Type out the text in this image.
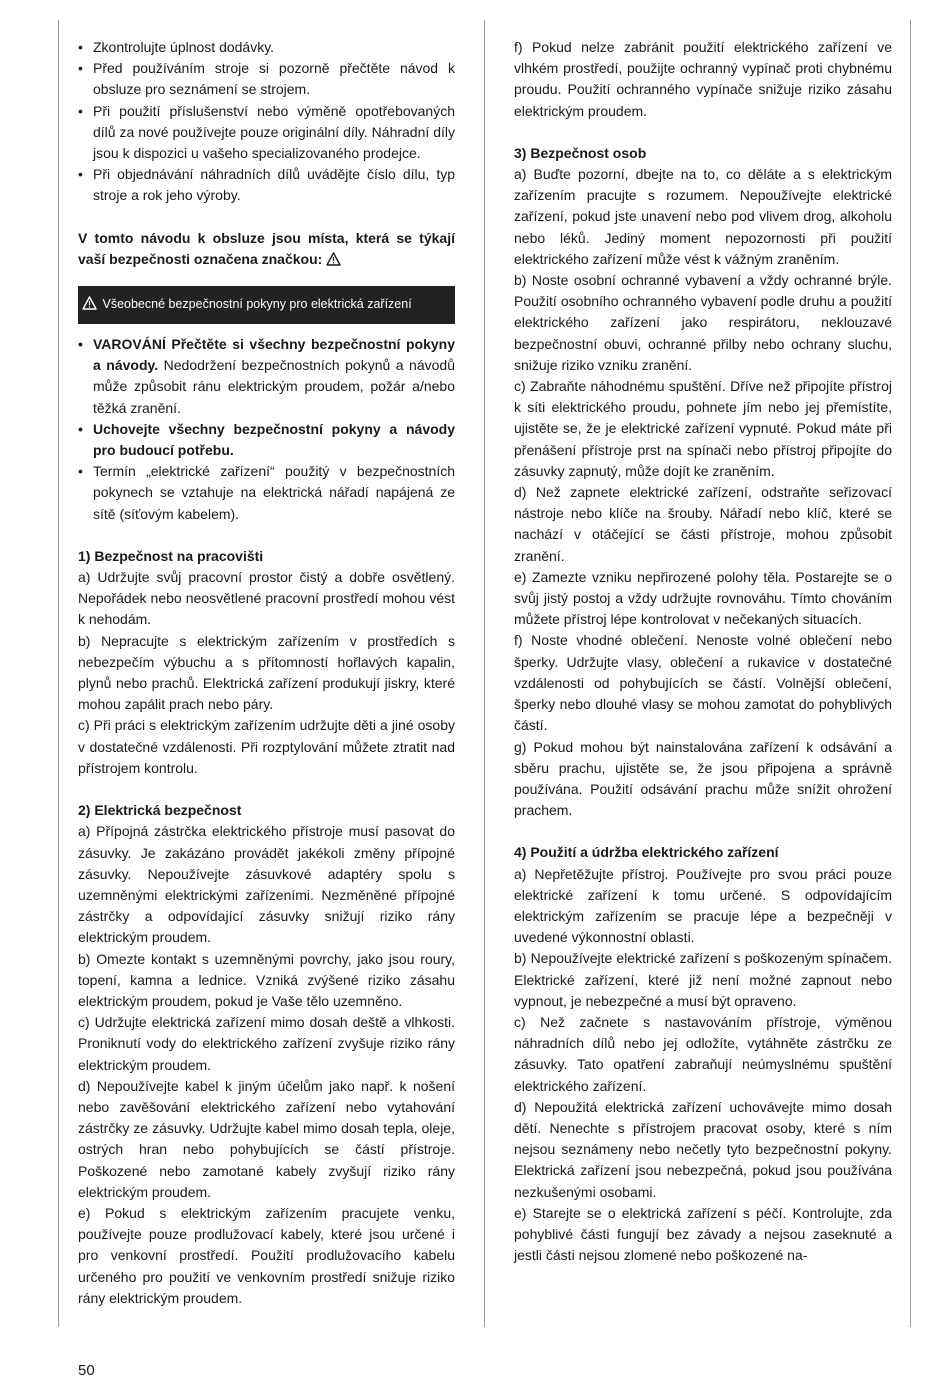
• Zkontrolujte úplnost dodávky.
• Před používáním stroje si pozorně přečtěte návod k obsluze pro seznámení se strojem.
• Při použití příslušenství nebo výměně opotřebovaných dílů za nové používejte pouze originální díly. Náhradní díly jsou k dispozici u vašeho specializovaného prodejce.
• Při objednávání náhradních dílů uvádějte číslo dílu, typ stroje a rok jeho výroby.

V tomto návodu k obsluze jsou místa, která se týkají vaší bezpečnosti označena značkou:

Všeobecné bezpečnostní pokyny pro elektrická zařízení
• VAROVÁNÍ Přečtěte si všechny bezpečnostní pokyny a návody. Nedodržení bezpečnostních pokynů a návodů může způsobit ránu elektrickým proudem, požár a/nebo těžká zranění.
• Uchovejte všechny bezpečnostní pokyny a návody pro budoucí potřebu.
• Termín „elektrické zařízení“ použitý v bezpečnostních pokynech se vztahuje na elektrická nářadí napájená ze sítě (síťovým kabelem).

1) Bezpečnost na pracovišti

a) Udržujte svůj pracovní prostor čistý a dobře osvětlený. Nepořádek nebo neosvětlené pracovní prostředí mohou vést k nehodám.

b) Nepracujte s elektrickým zařízením v prostředích s nebezpečím výbuchu a s přítomností hořlavých kapalin, plynů nebo prachů. Elektrická zařízení produkují jiskry, které mohou zapálit prach nebo páry.

c) Při práci s elektrickým zařízením udržujte děti a jiné osoby v dostatečné vzdálenosti. Při rozptylování můžete ztratit nad přístrojem kontrolu.

2) Elektrická bezpečnost

a) Přípojná zástrčka elektrického přístroje musí pasovat do zásuvky. Je zakázáno provádět jakékoli změny přípojné zásuvky. Nepoužívejte zásuvkové adaptéry spolu s uzemněnými elektrickými zařízeními. Nezměněné přípojné zástrčky a odpovídající zásuvky snižují riziko rány elektrickým proudem.

b) Omezte kontakt s uzemněnými povrchy, jako jsou roury, topení, kamna a lednice. Vzniká zvýšené riziko zásahu elektrickým proudem, pokud je Vaše tělo uzemněno.

c) Udržujte elektrická zařízení mimo dosah deště a vlhkosti. Proniknutí vody do elektrického zařízení zvyšuje riziko rány elektrickým proudem.

d) Nepoužívejte kabel k jiným účelům jako např. k nošení nebo zavěšování elektrického zařízení nebo vytahování zástrčky ze zásuvky. Udržujte kabel mimo dosah tepla, oleje, ostrých hran nebo pohybujících se částí přístroje. Poškozené nebo zamotané kabely zvyšují riziko rány elektrickým proudem.

e) Pokud s elektrickým zařízením pracujete venku, používejte pouze prodlužovací kabely, které jsou určené i pro venkovní prostředí. Použití prodlužovacího kabelu určeného pro použití ve venkovním prostředí snižuje riziko rány elektrickým proudem.

f) Pokud nelze zabránit použití elektrického zařízení ve vlhkém prostředí, použijte ochranný vypínač proti chybnému proudu. Použití ochranného vypínače snižuje riziko zásahu elektrickým proudem.

3) Bezpečnost osob

a) Buďte pozorní, dbejte na to, co děláte a s elektrickým zařízením pracujte s rozumem. Nepoužívejte elektrické zařízení, pokud jste unavení nebo pod vlivem drog, alkoholu nebo léků. Jediný moment nepozornosti při použití elektrického zařízení může vést k vážným zraněním.

b) Noste osobní ochranné vybavení a vždy ochranné brýle. Použití osobního ochranného vybavení podle druhu a použití elektrického zařízení jako respirátoru, neklouzavé bezpečnostní obuvi, ochranné přilby nebo ochrany sluchu, snižuje riziko vzniku zranění.

c) Zabraňte náhodnému spuštění. Dříve než připojíte přístroj k síti elektrického proudu, pohnete jím nebo jej přemístíte, ujistěte se, že je elektrické zařízení vypnuté. Pokud máte při přenášení přístroje prst na spínači nebo přístroj připojíte do zásuvky zapnutý, může dojít ke zraněním.

d) Než zapnete elektrické zařízení, odstraňte seřizovací nástroje nebo klíče na šrouby. Nářadí nebo klíč, které se nachází v otáčející se části přístroje, mohou způsobit zranění.

e) Zamezte vzniku nepřirozené polohy těla. Postarejte se o svůj jistý postoj a vždy udržujte rovnováhu. Tímto chováním můžete přístroj lépe kontrolovat v nečekaných situacích.

f) Noste vhodné oblečení. Nenoste volné oblečení nebo šperky. Udržujte vlasy, oblečení a rukavice v dostatečné vzdálenosti od pohybujících se částí. Volnější oblečení, šperky nebo dlouhé vlasy se mohou zamotat do pohyblivých částí.

g) Pokud mohou být nainstalována zařízení k odsávání a sběru prachu, ujistěte se, že jsou připojena a správně používána. Použití odsávání prachu může snížit ohrožení prachem.

4) Použití a údržba elektrického zařízení

a) Nepřetěžujte přístroj. Používejte pro svou práci pouze elektrické zařízení k tomu určené. S odpovídajícím elektrickým zařízením se pracuje lépe a bezpečněji v uvedené výkonnostní oblasti.

b) Nepoužívejte elektrické zařízení s poškozeným spínačem. Elektrické zařízení, které již není možné zapnout nebo vypnout, je nebezpečné a musí být opraveno.

c) Než začnete s nastavováním přístroje, výměnou náhradních dílů nebo jej odložíte, vytáhněte zástrčku ze zásuvky. Tato opatření zabraňují neúmyslnému spuštění elektrického zařízení.

d) Nepoužitá elektrická zařízení uchovávejte mimo dosah dětí. Nenechte s přístrojem pracovat osoby, které s ním nejsou seznámeny nebo nečetly tyto bezpečnostní pokyny. Elektrická zařízení jsou nebezpečná, pokud jsou používána nezkušenými osobami.

e) Starejte se o elektrická zařízení s péčí. Kontrolujte, zda pohyblivé části fungují bez závady a nejsou zaseknuté a jestli části nejsou zlomené nebo poškozené na-

50
